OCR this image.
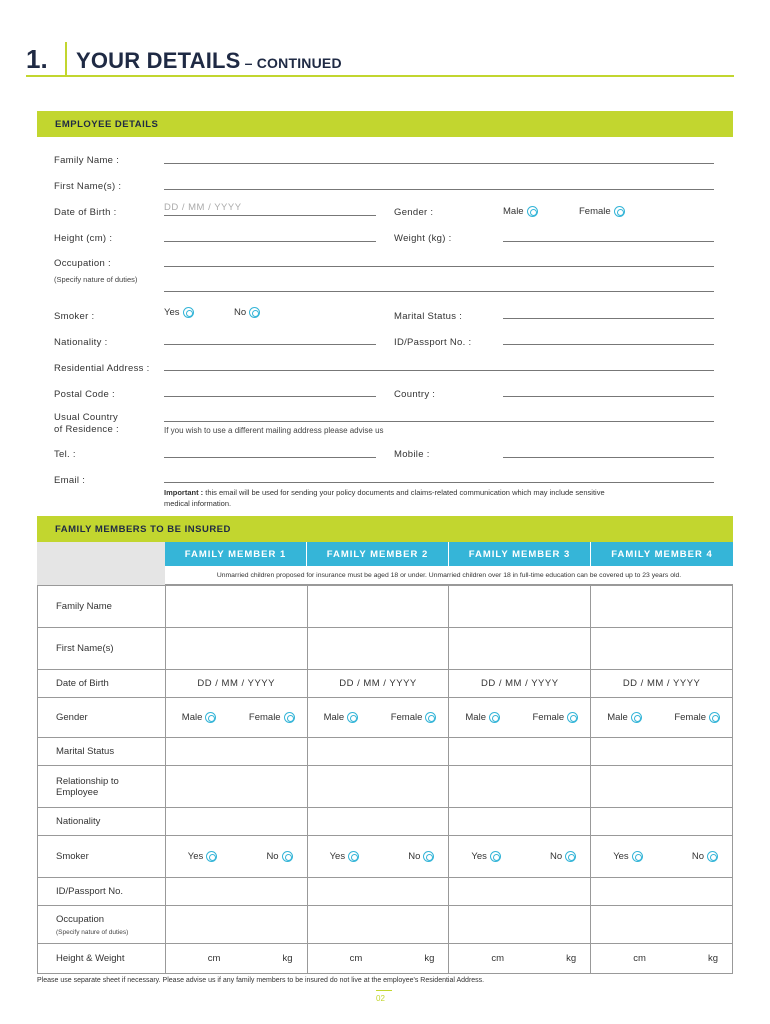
1. YOUR DETAILS – CONTINUED
EMPLOYEE DETAILS
Family Name :
First Name(s) :
Date of Birth :	DD / MM / YYYY	Gender :	Male	Female
Height (cm) :	Weight (kg) :
Occupation :
(Specify nature of duties)
Smoker :	Yes	No	Marital Status :
Nationality :	ID/Passport No. :
Residential Address :
Postal Code :	Country :
Usual Country
of Residence :	If you wish to use a different mailing address please advise us
Tel. :	Mobile :
Email :
Important : this email will be used for sending your policy documents and claims-related communication which may include sensitive
medical information.
FAMILY MEMBERS TO BE INSURED
FAMILY MEMBER 1	FAMILY MEMBER 2	FAMILY MEMBER 3	FAMILY MEMBER 4
Unmarried children proposed for insurance must be aged 18 or under. Unmarried children over 18 in full-time education can be covered up to 23 years old.
Family Name				
First Name(s)				
Date of Birth	DD / MM / YYYY	DD / MM / YYYY	DD / MM / YYYY	DD / MM / YYYY
Gender	Male Female	Male Female	Male Female	Male Female

Marital Status				
Relationship to
Employee				
Nationality				
Smoker	Yes No	Yes No	Yes No	Yes No

ID/Passport No.				
Occupation
(Specify nature of duties)				

Height & Weight	cm kg	cm kg	cm kg	cm kg
Please use separate sheet if necessary. Please advise us if any family members to be insured do not live at the employee's Residential Address.
02
